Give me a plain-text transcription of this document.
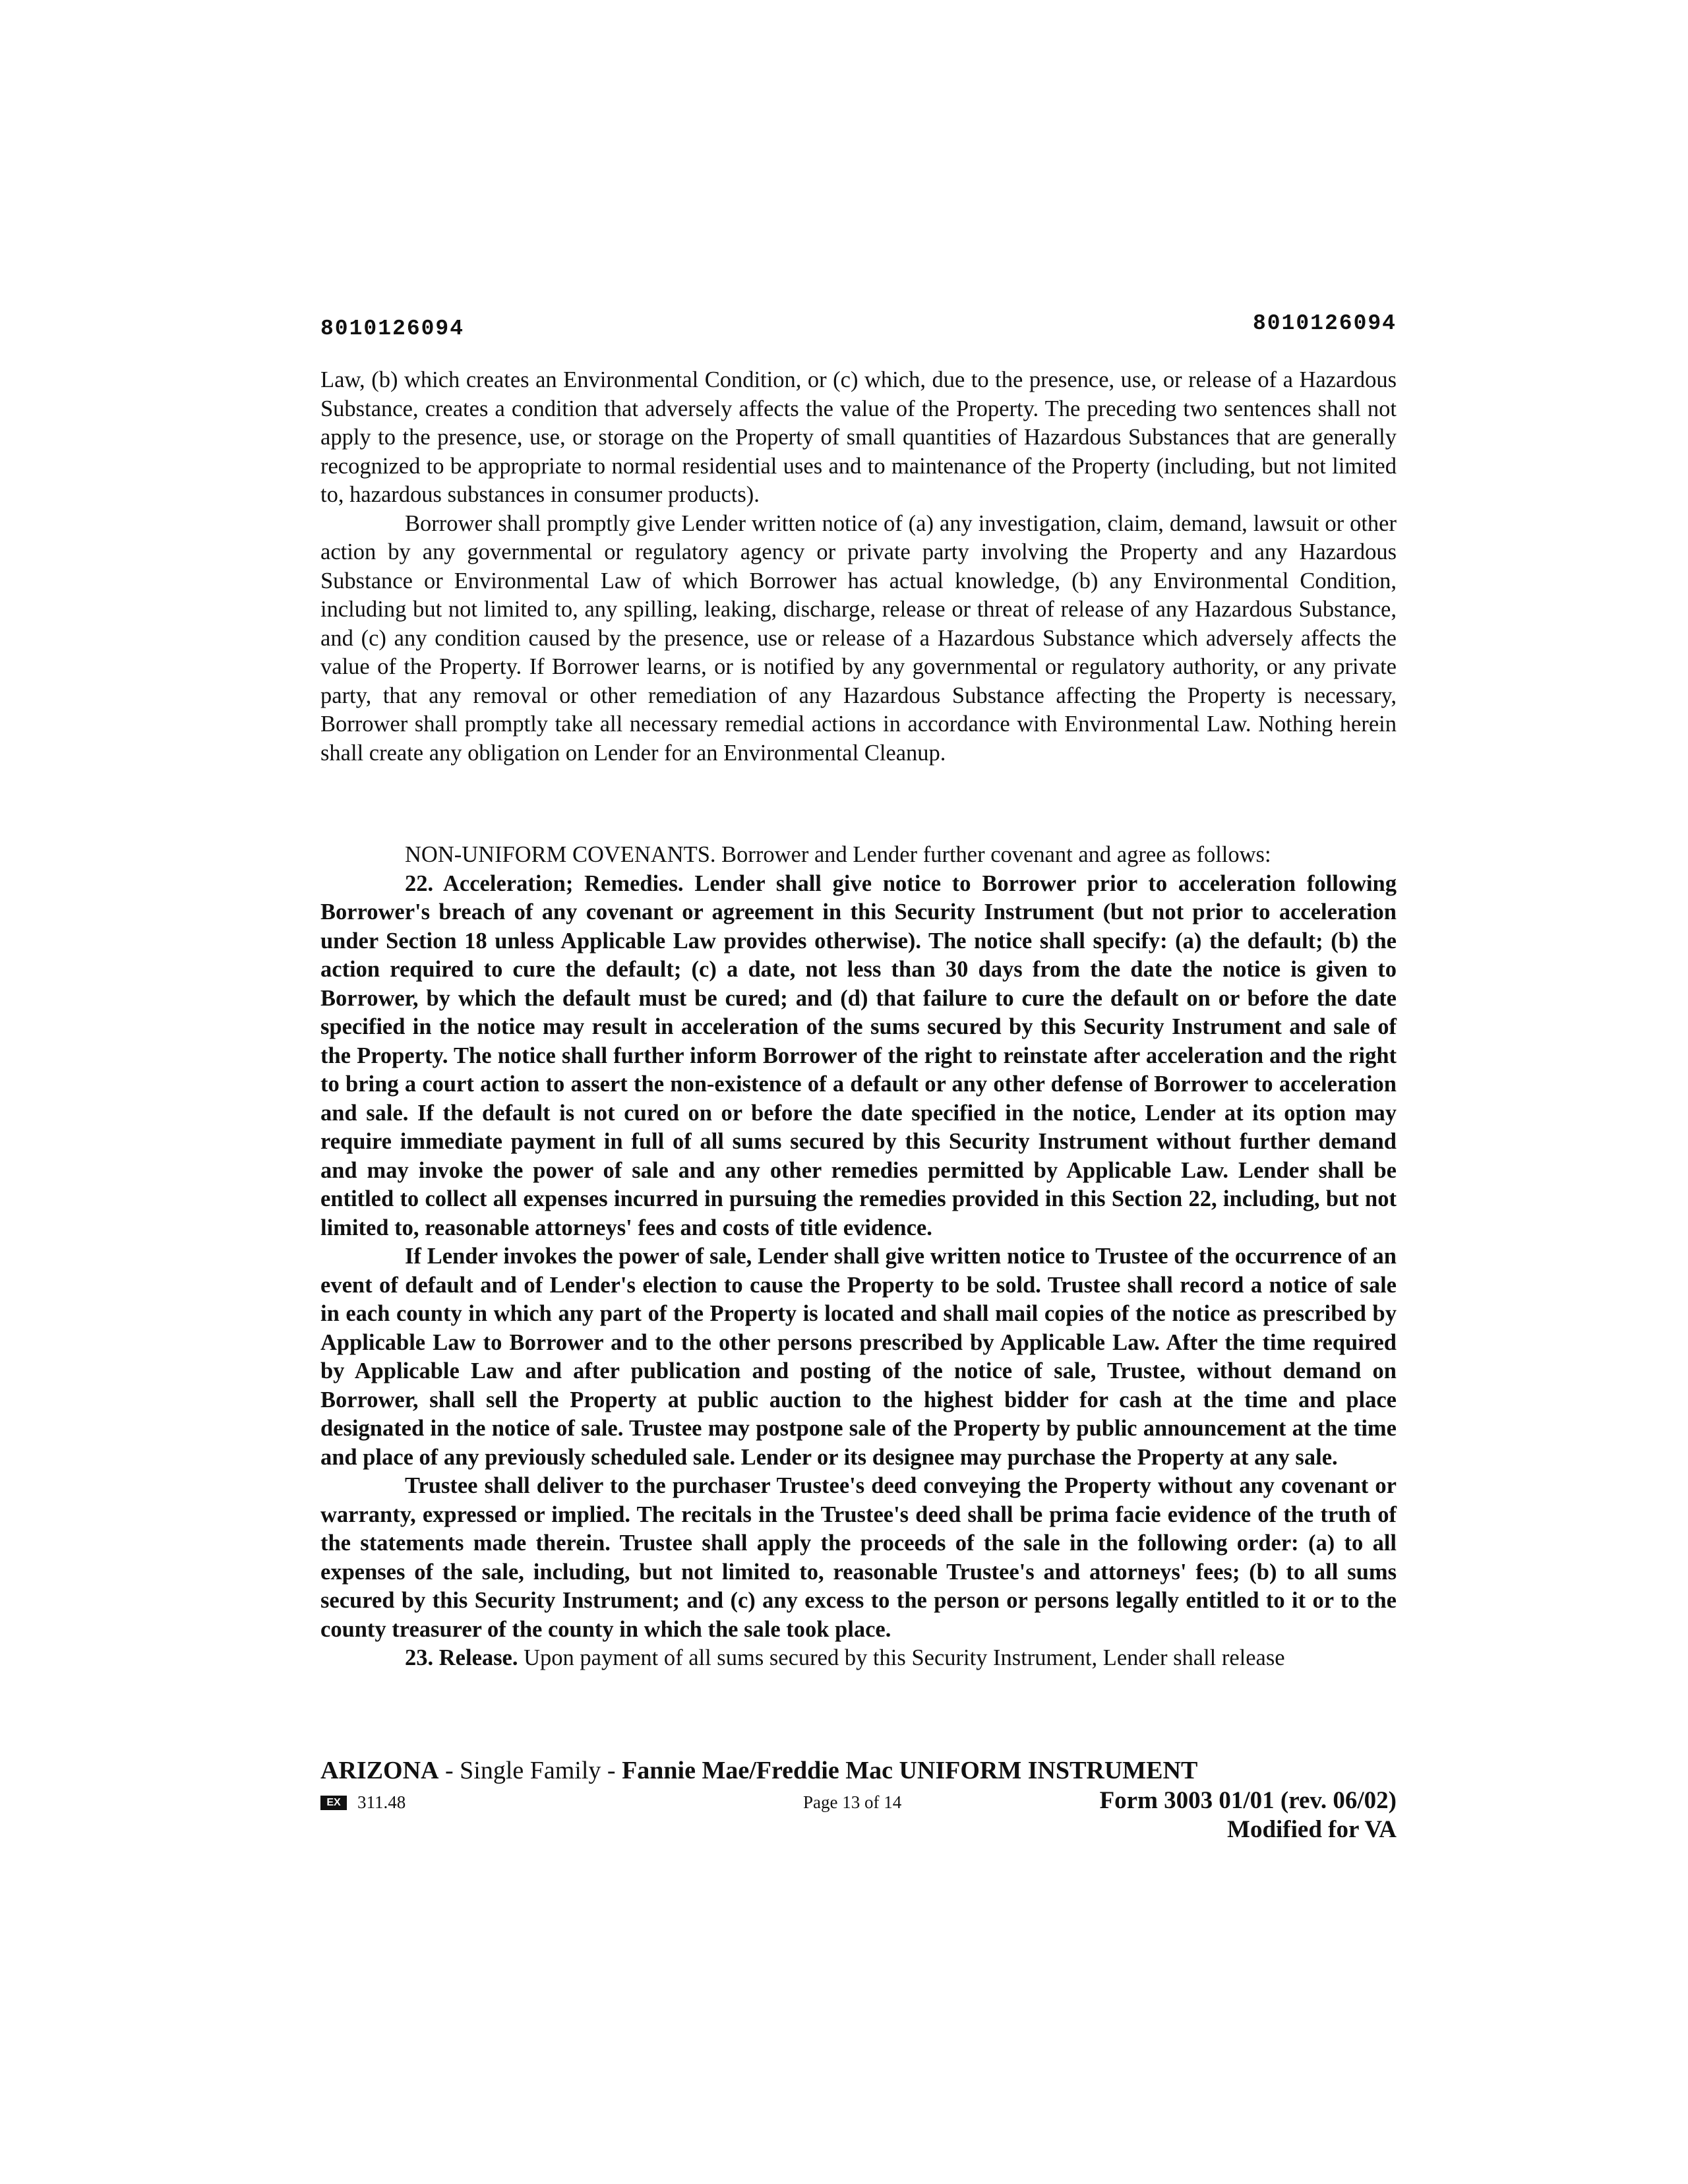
8010126094	8010126094

Law, (b) which creates an Environmental Condition, or (c) which, due to the presence, use, or release of a Hazardous Substance, creates a condition that adversely affects the value of the Property. The preceding two sentences shall not apply to the presence, use, or storage on the Property of small quantities of Hazardous Substances that are generally recognized to be appropriate to normal residential uses and to maintenance of the Property (including, but not limited to, hazardous substances in consumer products).

Borrower shall promptly give Lender written notice of (a) any investigation, claim, demand, lawsuit or other action by any governmental or regulatory agency or private party involving the Property and any Hazardous Substance or Environmental Law of which Borrower has actual knowledge, (b) any Environmental Condition, including but not limited to, any spilling, leaking, discharge, release or threat of release of any Hazardous Substance, and (c) any condition caused by the presence, use or release of a Hazardous Substance which adversely affects the value of the Property. If Borrower learns, or is notified by any governmental or regulatory authority, or any private party, that any removal or other remediation of any Hazardous Substance affecting the Property is necessary, Borrower shall promptly take all necessary remedial actions in accordance with Environmental Law. Nothing herein shall create any obligation on Lender for an Environmental Cleanup.

NON-UNIFORM COVENANTS. Borrower and Lender further covenant and agree as follows:

22. Acceleration; Remedies. Lender shall give notice to Borrower prior to acceleration following Borrower's breach of any covenant or agreement in this Security Instrument (but not prior to acceleration under Section 18 unless Applicable Law provides otherwise). The notice shall specify: (a) the default; (b) the action required to cure the default; (c) a date, not less than 30 days from the date the notice is given to Borrower, by which the default must be cured; and (d) that failure to cure the default on or before the date specified in the notice may result in acceleration of the sums secured by this Security Instrument and sale of the Property. The notice shall further inform Borrower of the right to reinstate after acceleration and the right to bring a court action to assert the non-existence of a default or any other defense of Borrower to acceleration and sale. If the default is not cured on or before the date specified in the notice, Lender at its option may require immediate payment in full of all sums secured by this Security Instrument without further demand and may invoke the power of sale and any other remedies permitted by Applicable Law. Lender shall be entitled to collect all expenses incurred in pursuing the remedies provided in this Section 22, including, but not limited to, reasonable attorneys' fees and costs of title evidence.

If Lender invokes the power of sale, Lender shall give written notice to Trustee of the occurrence of an event of default and of Lender's election to cause the Property to be sold. Trustee shall record a notice of sale in each county in which any part of the Property is located and shall mail copies of the notice as prescribed by Applicable Law to Borrower and to the other persons prescribed by Applicable Law. After the time required by Applicable Law and after publication and posting of the notice of sale, Trustee, without demand on Borrower, shall sell the Property at public auction to the highest bidder for cash at the time and place designated in the notice of sale. Trustee may postpone sale of the Property by public announcement at the time and place of any previously scheduled sale. Lender or its designee may purchase the Property at any sale.

Trustee shall deliver to the purchaser Trustee's deed conveying the Property without any covenant or warranty, expressed or implied. The recitals in the Trustee's deed shall be prima facie evidence of the truth of the statements made therein. Trustee shall apply the proceeds of the sale in the following order: (a) to all expenses of the sale, including, but not limited to, reasonable Trustee's and attorneys' fees; (b) to all sums secured by this Security Instrument; and (c) any excess to the person or persons legally entitled to it or to the county treasurer of the county in which the sale took place.

23. Release. Upon payment of all sums secured by this Security Instrument, Lender shall release

ARIZONA - Single Family - Fannie Mae/Freddie Mac UNIFORM INSTRUMENT
EX 311.48	Page 13 of 14	Form 3003 01/01 (rev. 06/02)
Modified for VA
